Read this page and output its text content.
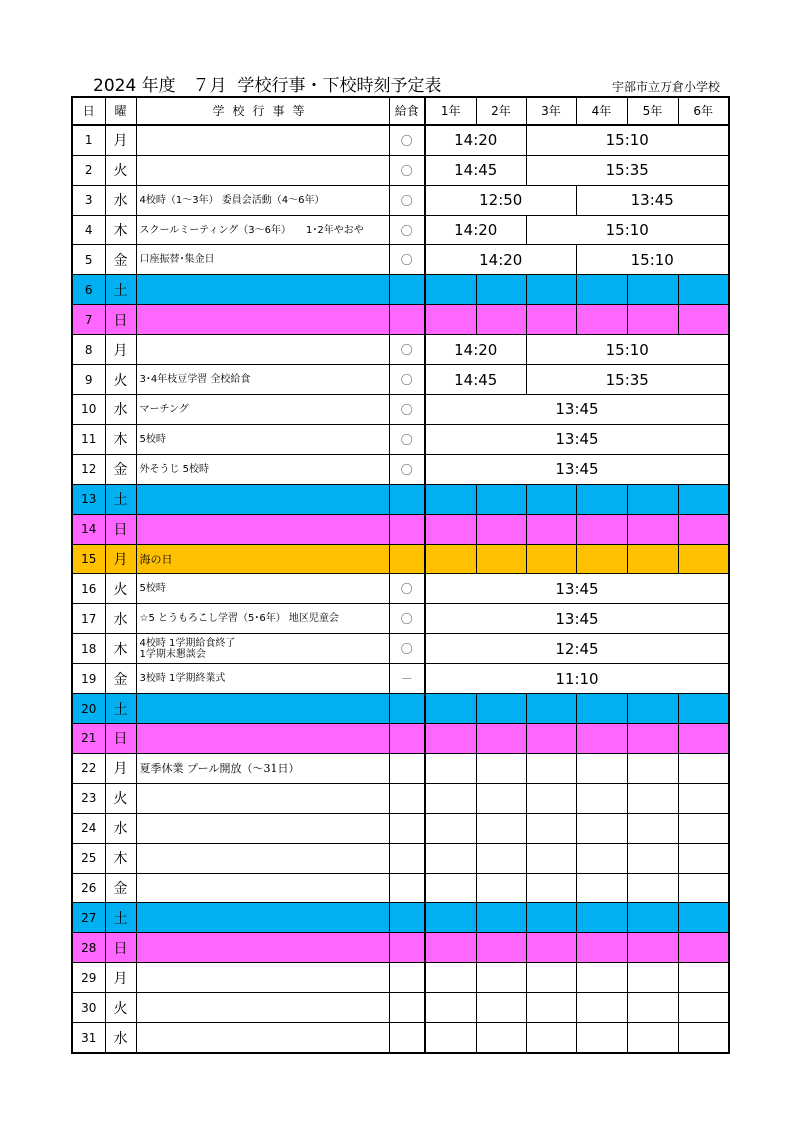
2024 年度　７月  学校行事・下校時刻予定表	宇部市立万倉小学校
日	曜	学校行事等	給食	1年	2年	3年	4年	5年	6年
1	月		〇	14:20		15:10			
2	火		〇	14:45		15:35			
3	水	4校時（1～3年） 委員会活動（4～6年）	〇	12:50			13:45		
4	木	スクールミーティング（3～6年）　　1･2年やおや	〇	14:20		15:10			
5	金	口座振替･集金日	〇	14:20			15:10		
6	土								
7	日								
8	月		〇	14:20		15:10			
9	火	3･4年枝豆学習 全校給食	〇	14:45		15:35			
10	水	マーチング	〇	13:45					
11	木	5校時	〇	13:45					
12	金	外そうじ 5校時	〇	13:45					
13	土								
14	日								
15	月	海の日							

16	火	5校時	〇	13:45					
17	水	☆5 とうもろこし学習（5･6年） 地区児童会	〇	13:45					
18	木	4校時 1学期給食終了
1学期末懇談会	〇	12:45					
19	金	3校時 1学期終業式	－	11:10					
20	土								
21	日								
22	月	夏季休業 プール開放（～31日）							

23	火								
24	水								
25	木								
26	金								
27	土								
28	日								
29	月								
30	火								
31	水								
